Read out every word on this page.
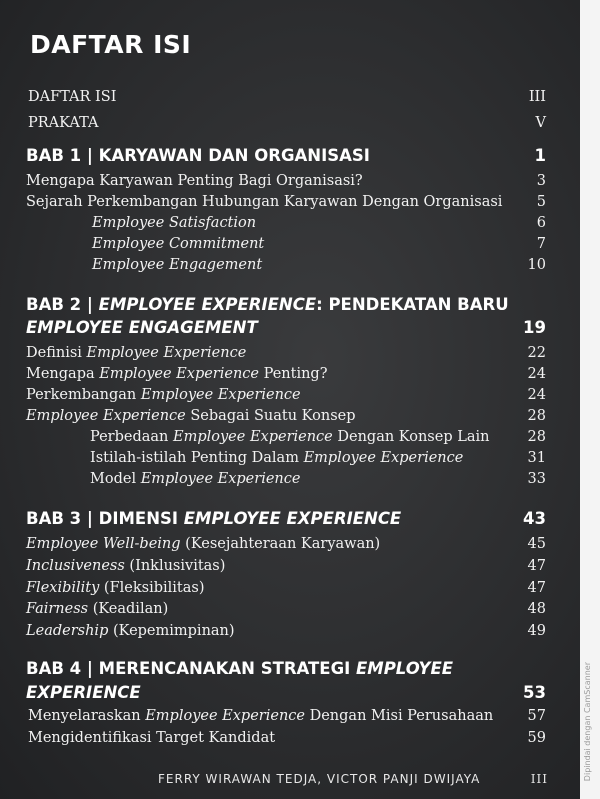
DAFTAR ISI
DAFTAR ISI	III
PRAKATA	V
BAB 1 | KARYAWAN DAN ORGANISASI	1
Mengapa Karyawan Penting Bagi Organisasi?	3
Sejarah Perkembangan Hubungan Karyawan Dengan Organisasi 5
Employee Satisfaction	6
Employee Commitment	7
Employee Engagement	10
BAB 2 | EMPLOYEE EXPERIENCE: PENDEKATAN BARU
EMPLOYEE ENGAGEMENT	19
Definisi Employee Experience	22
Mengapa Employee Experience Penting?	24
Perkembangan Employee Experience	24
Employee Experience Sebagai Suatu Konsep	28
Perbedaan Employee Experience Dengan Konsep Lain	28
Istilah-istilah Penting Dalam Employee Experience	31
Model Employee Experience	33
BAB 3 | DIMENSI EMPLOYEE EXPERIENCE	43
Employee Well-being (Kesejahteraan Karyawan)	45
Inclusiveness (Inklusivitas)	47
Flexibility (Fleksibilitas)	47
Fairness (Keadilan)	48
Leadership (Kepemimpinan)	49
BAB 4 | MERENCANAKAN STRATEGI EMPLOYEE
EXPERIENCE	53
Menyelaraskan Employee Experience Dengan Misi Perusahaan 57
Mengidentifikasi Target Kandidat	59
FERRY WIRAWAN TEDJA, VICTOR PANJI DWIJAYA	III	Dipindai dengan CamScanner
